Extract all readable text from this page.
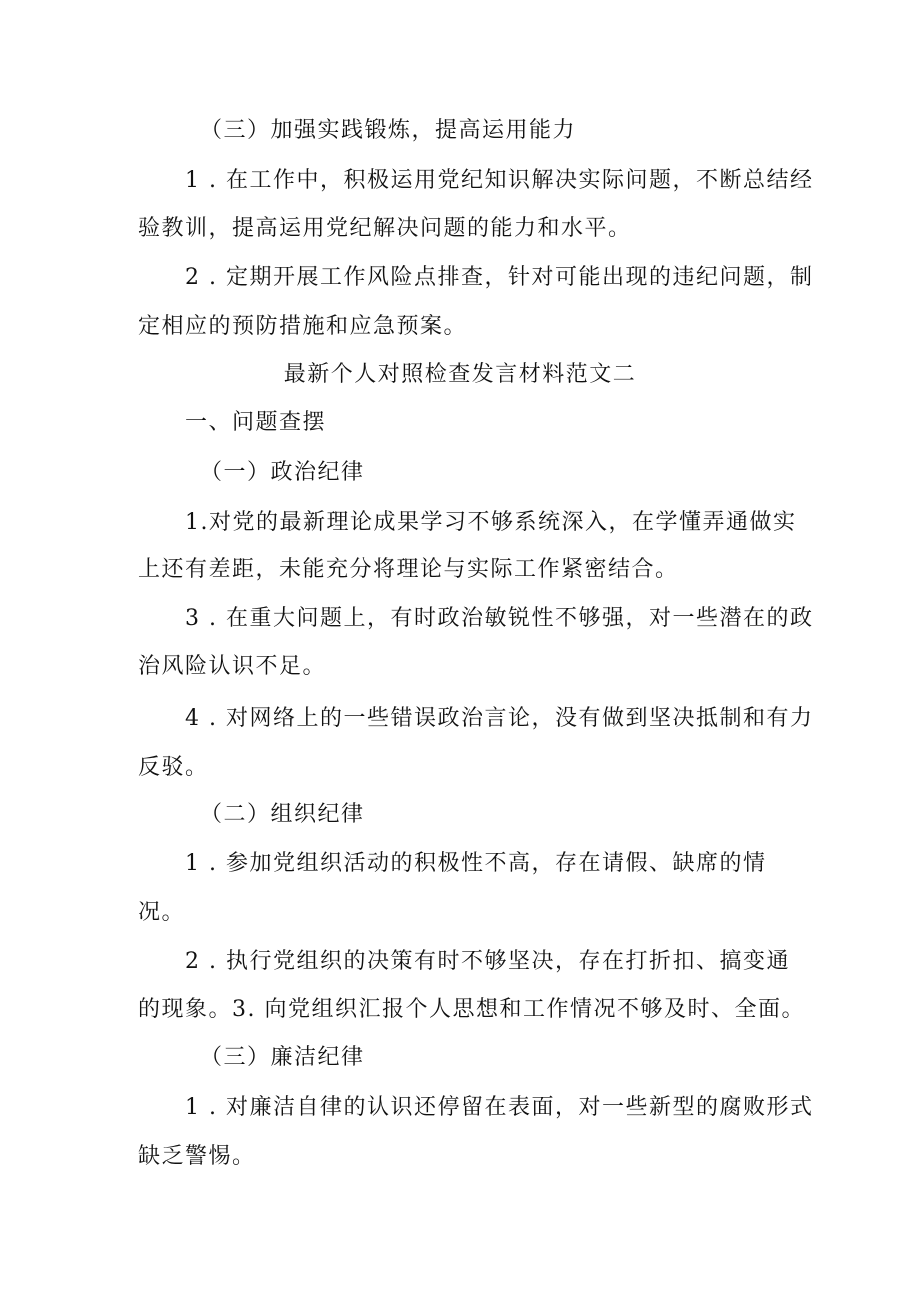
（三）加强实践锻炼，提高运用能力

1 . 在工作中，积极运用党纪知识解决实际问题，不断总结经

验教训，提高运用党纪解决问题的能力和水平。

2 . 定期开展工作风险点排查，针对可能出现的违纪问题，制

定相应的预防措施和应急预案。

最新个人对照检查发言材料范文二

一、问题查摆

（一）政治纪律

1.对党的最新理论成果学习不够系统深入，在学懂弄通做实

上还有差距，未能充分将理论与实际工作紧密结合。

3 . 在重大问题上，有时政治敏锐性不够强，对一些潜在的政

治风险认识不足。

4 . 对网络上的一些错误政治言论，没有做到坚决抵制和有力

反驳。

（二）组织纪律

1 . 参加党组织活动的积极性不高，存在请假、缺席的情

况。

2 . 执行党组织的决策有时不够坚决，存在打折扣、搞变通

的现象。3. 向党组织汇报个人思想和工作情况不够及时、全面。

（三）廉洁纪律

1 . 对廉洁自律的认识还停留在表面，对一些新型的腐败形式

缺乏警惕。
